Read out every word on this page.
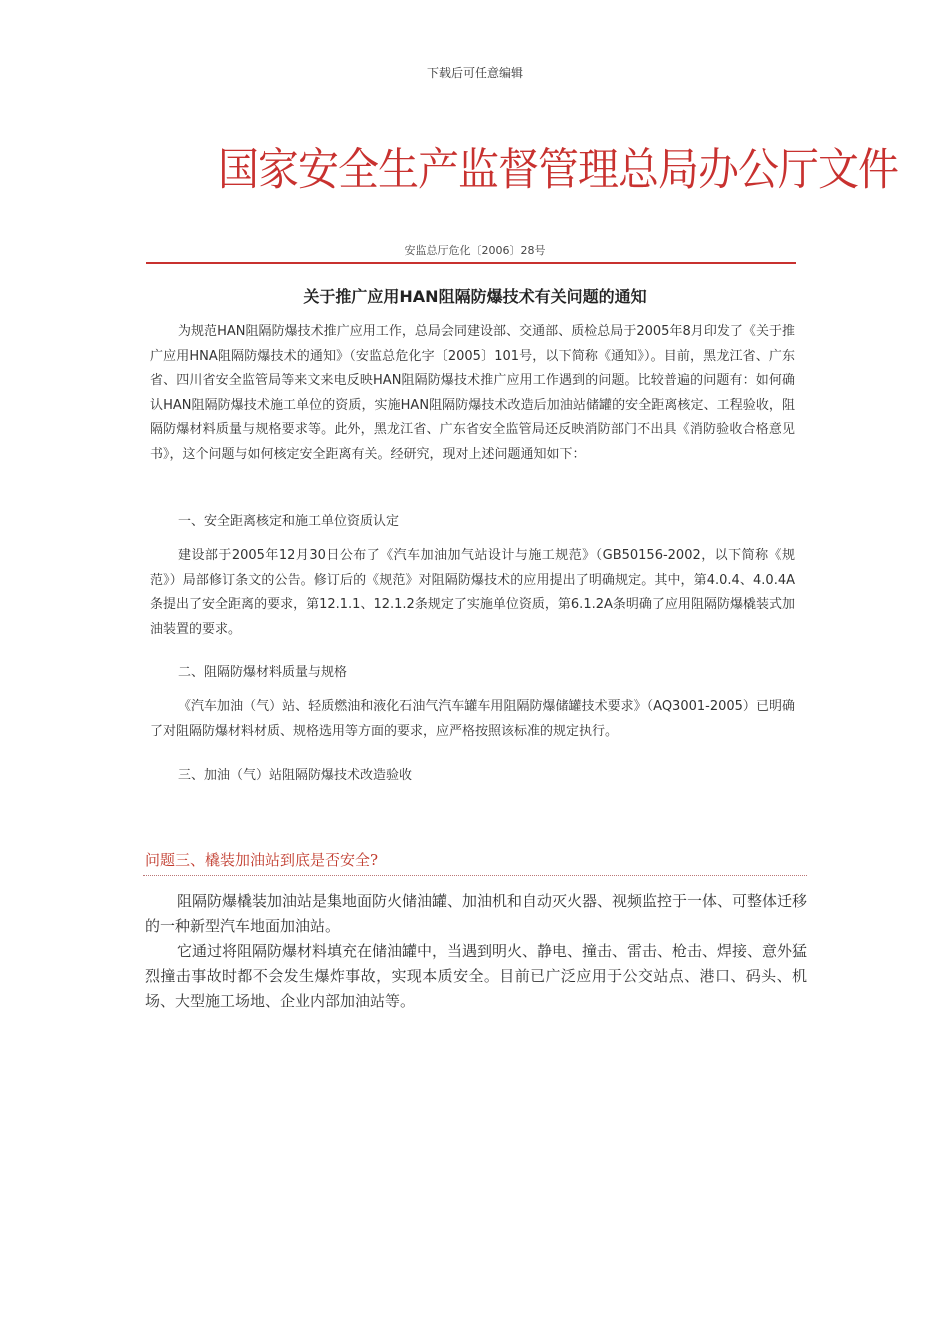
下载后可任意编辑
国家安全生产监督管理总局办公厅文件
安监总厅危化〔2006〕28号
关于推广应用HAN阻隔防爆技术有关问题的通知
为规范HAN阻隔防爆技术推广应用工作，总局会同建设部、交通部、质检总局于2005年8月印发了《关于推广应用HNA阻隔防爆技术的通知》（安监总危化字〔2005〕101号，以下简称《通知》）。目前，黑龙江省、广东省、四川省安全监管局等来文来电反映HAN阻隔防爆技术推广应用工作遇到的问题。比较普遍的问题有：如何确认HAN阻隔防爆技术施工单位的资质，实施HAN阻隔防爆技术改造后加油站储罐的安全距离核定、工程验收，阻隔防爆材料质量与规格要求等。此外，黑龙江省、广东省安全监管局还反映消防部门不出具《消防验收合格意见书》，这个问题与如何核定安全距离有关。经研究，现对上述问题通知如下：
一、安全距离核定和施工单位资质认定
建设部于2005年12月30日公布了《汽车加油加气站设计与施工规范》（GB50156-2002，以下简称《规范》）局部修订条文的公告。修订后的《规范》对阻隔防爆技术的应用提出了明确规定。其中，第4.0.4、4.0.4A条提出了安全距离的要求，第12.1.1、12.1.2条规定了实施单位资质，第6.1.2A条明确了应用阻隔防爆橇装式加油装置的要求。
二、阻隔防爆材料质量与规格
《汽车加油（气）站、轻质燃油和液化石油气汽车罐车用阻隔防爆储罐技术要求》（AQ3001-2005）已明确了对阻隔防爆材料材质、规格选用等方面的要求，应严格按照该标准的规定执行。
三、加油（气）站阻隔防爆技术改造验收
问题三、橇装加油站到底是否安全?
阻隔防爆橇装加油站是集地面防火储油罐、加油机和自动灭火器、视频监控于一体、可整体迁移的一种新型汽车地面加油站。
它通过将阻隔防爆材料填充在储油罐中，当遇到明火、静电、撞击、雷击、枪击、焊接、意外猛烈撞击事故时都不会发生爆炸事故，实现本质安全。目前已广泛应用于公交站点、港口、码头、机场、大型施工场地、企业内部加油站等。
